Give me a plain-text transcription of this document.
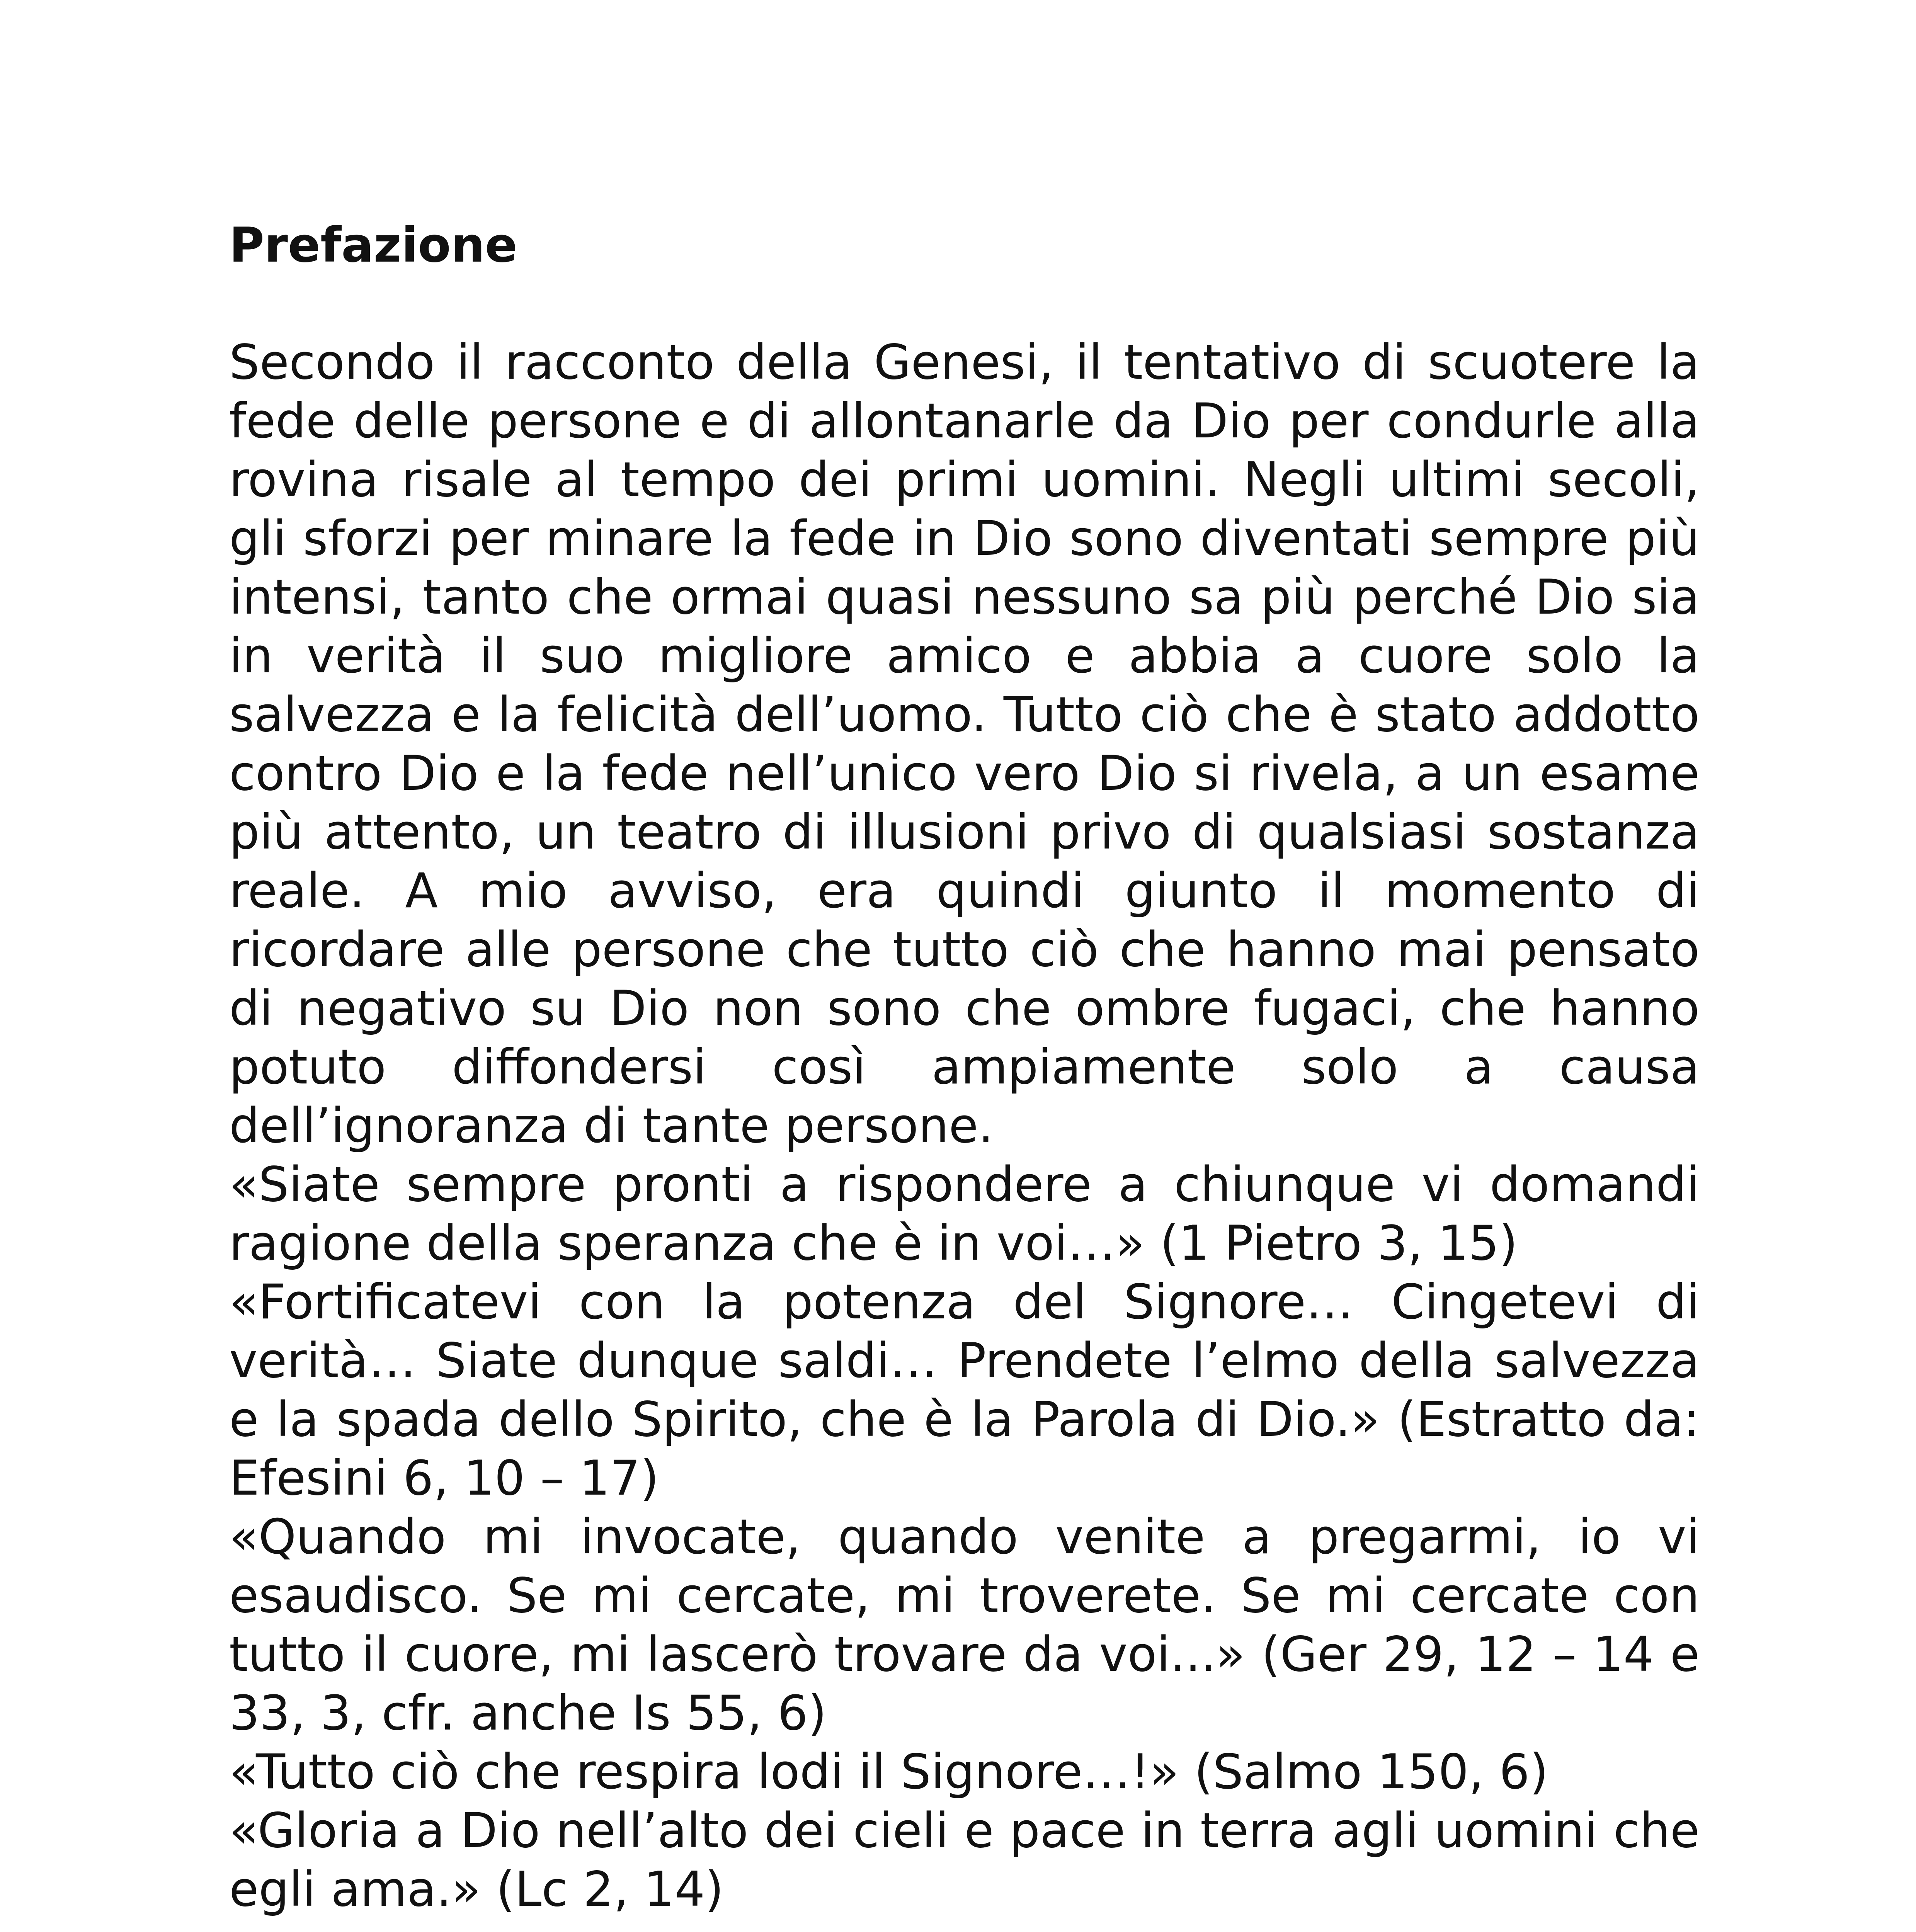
Prefazione

Secondo il racconto della Genesi, il tentativo di scuotere la fede delle persone e di allontanarle da Dio per condurle alla rovina risale al tempo dei primi uomini. Negli ultimi secoli, gli sforzi per minare la fede in Dio sono diventati sempre più intensi, tanto che ormai quasi nessuno sa più perché Dio sia in verità il suo migliore amico e abbia a cuore solo la salvezza e la felicità dell’uomo. Tutto ciò che è stato addotto contro Dio e la fede nell’unico vero Dio si rivela, a un esame più attento, un teatro di illusioni privo di qualsiasi sostanza reale. A mio avviso, era quindi giunto il momento di ricordare alle persone che tutto ciò che hanno mai pensato di negativo su Dio non sono che ombre fugaci, che hanno potuto diffondersi così ampiamente solo a causa dell’ignoranza di tante persone.

«Siate sempre pronti a rispondere a chiunque vi domandi ragione della speranza che è in voi…» (1 Pietro 3, 15)

«Fortificatevi con la potenza del Signore… Cingetevi di verità… Siate dunque saldi… Prendete l’elmo della salvezza e la spada dello Spirito, che è la Parola di Dio.» (Estratto da: Efesini 6, 10 – 17)

«Quando mi invocate, quando venite a pregarmi, io vi esaudisco. Se mi cercate, mi troverete. Se mi cercate con tutto il cuore, mi lascerò trovare da voi...» (Ger 29, 12 – 14 e 33, 3, cfr. anche Is 55, 6)

«Tutto ciò che respira lodi il Signore…!» (Salmo 150, 6)

«Gloria a Dio nell’alto dei cieli e pace in terra agli uomini che egli ama.» (Lc 2, 14)
